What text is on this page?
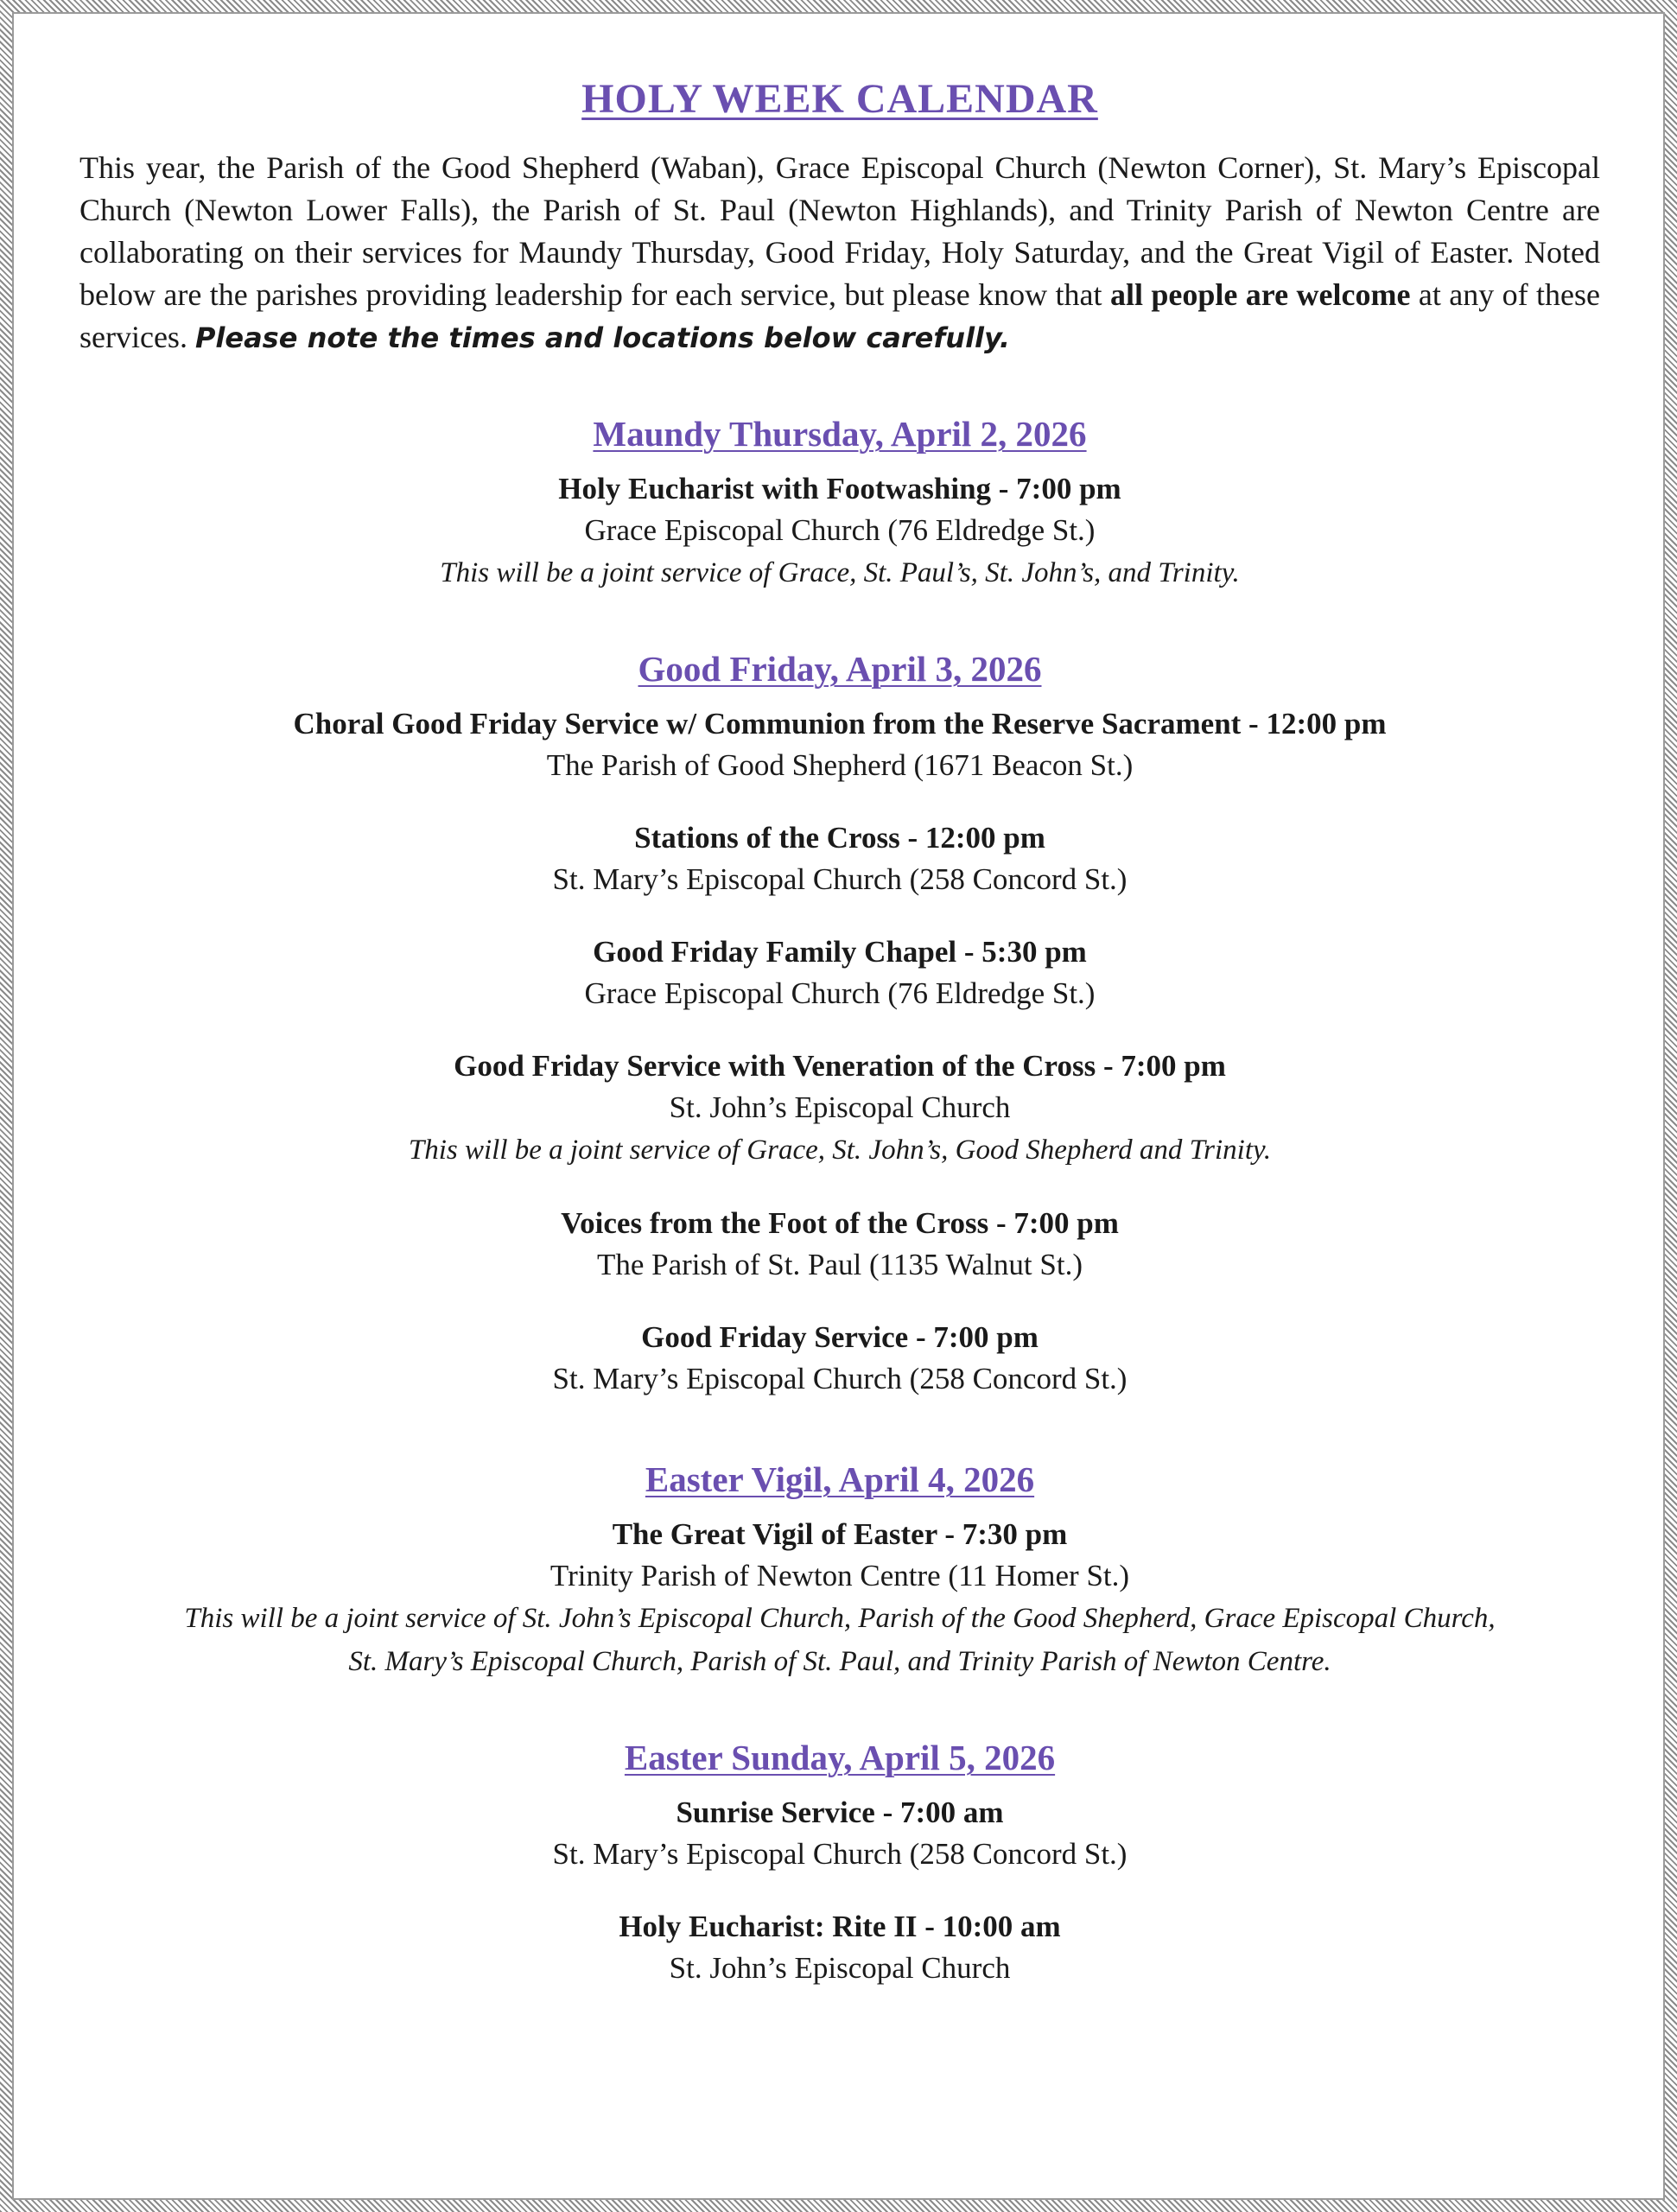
HOLY WEEK CALENDAR

This year, the Parish of the Good Shepherd (Waban), Grace Episcopal Church (Newton Corner), St. Mary’s Episcopal Church (Newton Lower Falls), the Parish of St. Paul (Newton Highlands), and Trinity Parish of Newton Centre are collaborating on their services for Maundy Thursday, Good Friday, Holy Saturday, and the Great Vigil of Easter. Noted below are the parishes providing leadership for each service, but please know that all people are welcome at any of these services. Please note the times and locations below carefully.

Maundy Thursday, April 2, 2026
Holy Eucharist with Footwashing - 7:00 pm
Grace Episcopal Church (76 Eldredge St.)
This will be a joint service of Grace, St. Paul’s, St. John’s, and Trinity.
Good Friday, April 3, 2026
Choral Good Friday Service w/ Communion from the Reserve Sacrament - 12:00 pm
The Parish of Good Shepherd (1671 Beacon St.)
Stations of the Cross - 12:00 pm
St. Mary’s Episcopal Church (258 Concord St.)
Good Friday Family Chapel - 5:30 pm
Grace Episcopal Church (76 Eldredge St.)
Good Friday Service with Veneration of the Cross - 7:00 pm
St. John’s Episcopal Church
This will be a joint service of Grace, St. John’s, Good Shepherd and Trinity.
Voices from the Foot of the Cross - 7:00 pm
The Parish of St. Paul (1135 Walnut St.)
Good Friday Service - 7:00 pm
St. Mary’s Episcopal Church (258 Concord St.)
Easter Vigil, April 4, 2026
The Great Vigil of Easter - 7:30 pm
Trinity Parish of Newton Centre (11 Homer St.)
This will be a joint service of St. John’s Episcopal Church, Parish of the Good Shepherd, Grace Episcopal Church,
St. Mary’s Episcopal Church, Parish of St. Paul, and Trinity Parish of Newton Centre.
Easter Sunday, April 5, 2026
Sunrise Service - 7:00 am
St. Mary’s Episcopal Church (258 Concord St.)
Holy Eucharist: Rite II - 10:00 am
St. John’s Episcopal Church
